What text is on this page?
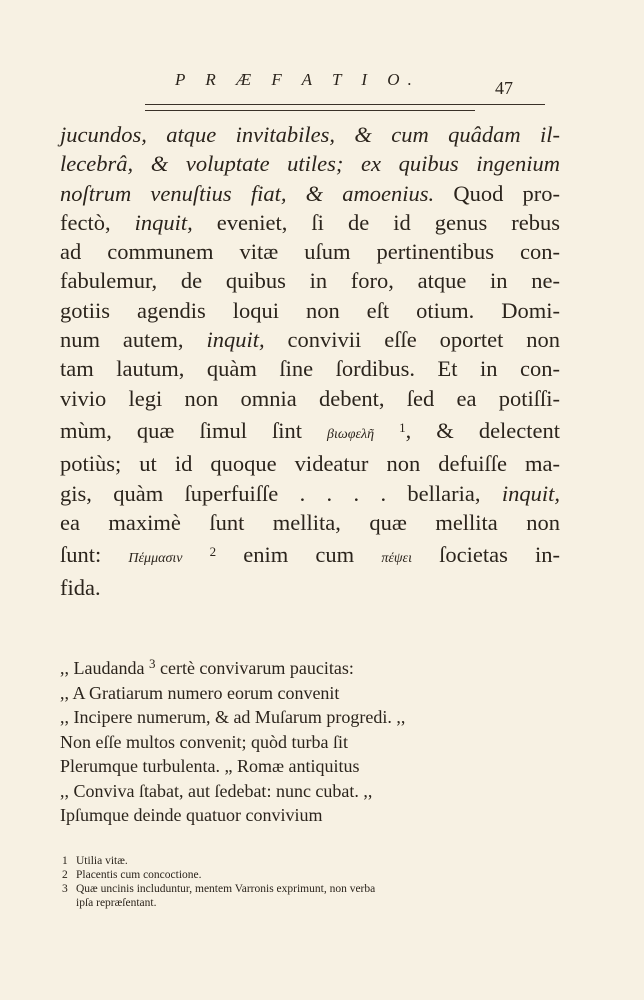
P R Æ F A T I O.	47
jucundos, atque invitabiles, & cum quâdam il-
lecebrâ, & voluptate utiles; ex quibus ingenium
noſtrum venuſtius fiat, & amoenius. Quod pro-
fectò, inquit, eveniet, ſi de id genus rebus
ad communem vitæ uſum pertinentibus con-
fabulemur, de quibus in foro, atque in ne-
gotiis agendis loqui non eſt otium. Domi-
num autem, inquit, convivii eſſe oportet non
tam lautum, quàm ſine ſordibus. Et in con-
vivio legi non omnia debent, ſed ea potiſſi-
mùm, quæ ſimul ſint βιωφελῆ $^1$, & delectent
potiùs; ut id quoque videatur non defuiſſe ma-
gis, quàm ſuperfuiſſe . . . . bellaria, inquit,
ea maximè ſunt mellita, quæ mellita non
ſunt: Πέμμασιν $^2$ enim cum πέψει ſocietas in-
fida.
,, Laudanda $^3$ certè convivarum paucitas:
,, A Gratiarum numero eorum convenit
,, Incipere numerum, & ad Muſarum progredi. ,,
Non eſſe multos convenit; quòd turba ſit
Plerumque turbulenta. „ Romæ antiquitus
,, Conviva ſtabat, aut ſedebat: nunc cubat. ,,
Ipſumque deinde quatuor convivium
1 Utilia vitæ.
2 Placentis cum concoctione.
3 Quæ uncinis includuntur, mentem Varronis exprimunt, non verba
ipſa repræſentant.
